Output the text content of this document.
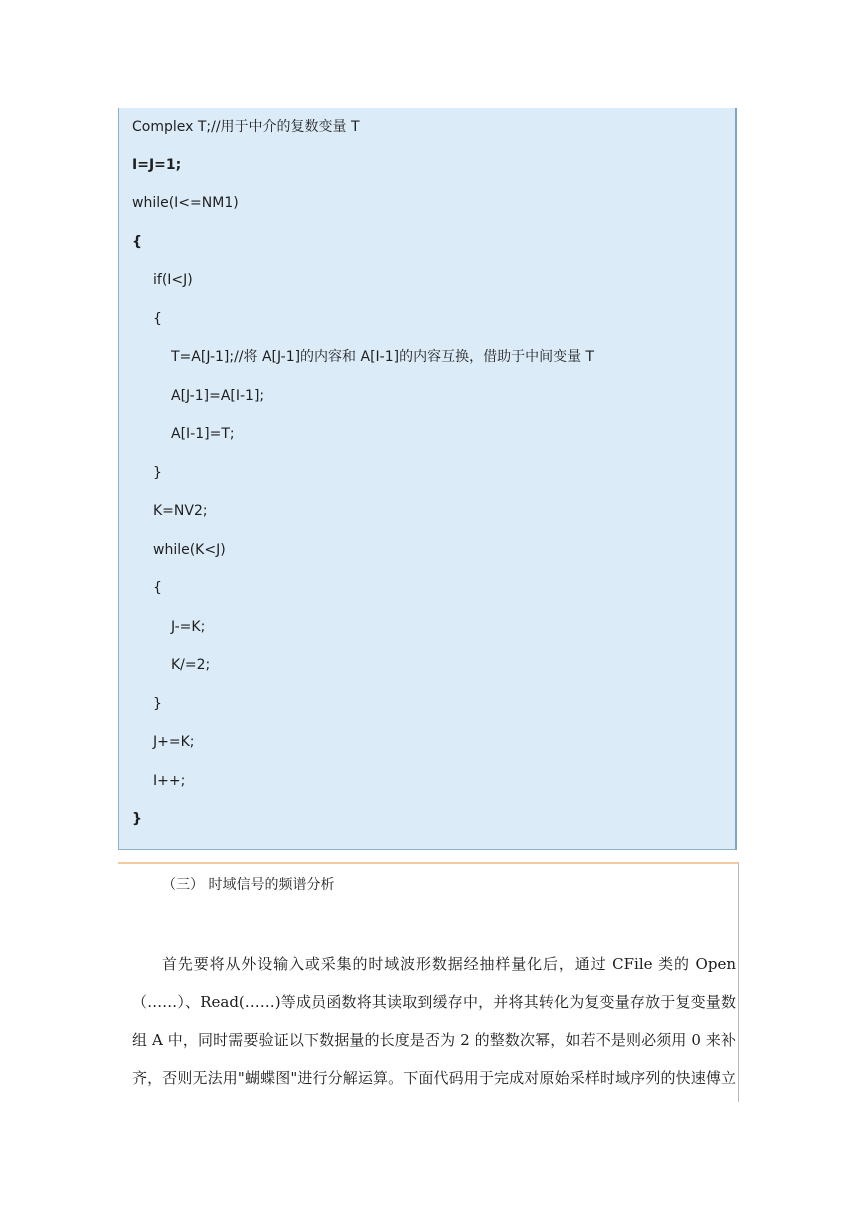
Complex T;//用于中介的复数变量 T
I=J=1;
while(I<=NM1)
{
if(I<J)
{
T=A[J-1];//将 A[J-1]的内容和 A[I-1]的内容互换，借助于中间变量 T
A[J-1]=A[I-1];
A[I-1]=T;
}
K=NV2;
while(K<J)
{
J-=K;
K/=2;
}
J+=K;
I++;
}
（三） 时域信号的频谱分析
首先要将从外设输入或采集的时域波形数据经抽样量化后，通过 CFile 类的 Open
（……）、Read(……)等成员函数将其读取到缓存中，并将其转化为复变量存放于复变量数
组 A 中，同时需要验证以下数据量的长度是否为 2 的整数次幂，如若不是则必须用 0 来补
齐，否则无法用"蝴蝶图"进行分解运算。下面代码用于完成对原始采样时域序列的快速傅立
